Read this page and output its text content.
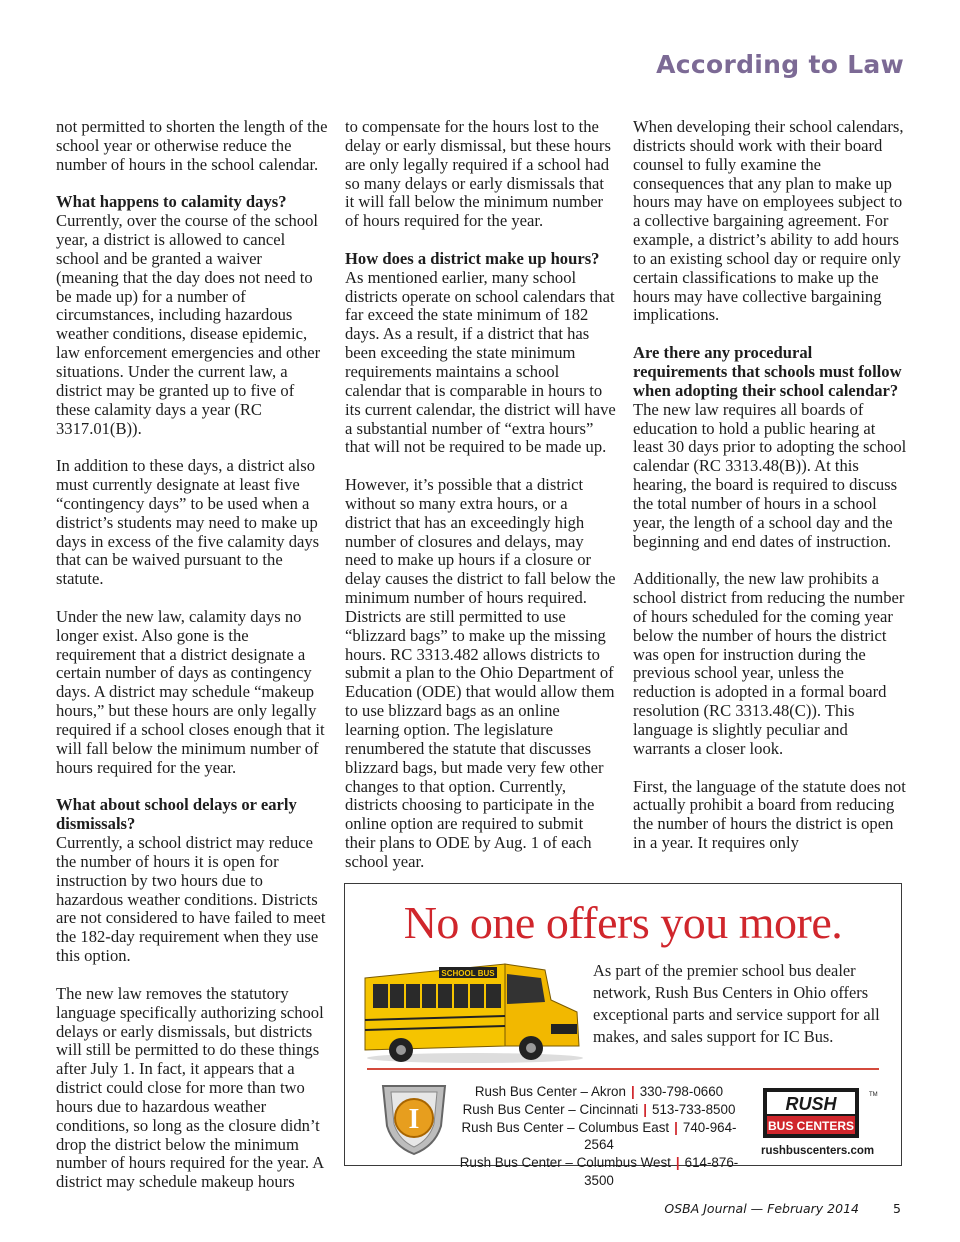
According to Law

not permitted to shorten the length of the school year or otherwise reduce the number of hours in the school calendar.

What happens to calamity days?

Currently, over the course of the school year, a district is allowed to cancel school and be granted a waiver (meaning that the day does not need to be made up) for a number of circumstances, including hazardous weather conditions, disease epidemic, law enforcement emergencies and other situations. Under the current law, a district may be granted up to five of these calamity days a year (RC 3317.01(B)).

In addition to these days, a district also must currently designate at least five “contingency days” to be used when a district’s students may need to make up days in excess of the five calamity days that can be waived pursuant to the statute.

Under the new law, calamity days no longer exist. Also gone is the requirement that a district designate a certain number of days as contingency days. A district may schedule “makeup hours,” but these hours are only legally required if a school closes enough that it will fall below the minimum number of hours required for the year.

What about school delays or early dismissals?

Currently, a school district may reduce the number of hours it is open for instruction by two hours due to hazardous weather conditions. Districts are not considered to have failed to meet the 182-day requirement when they use this option.

The new law removes the statutory language specifically authorizing school delays or early dismissals, but districts will still be permitted to do these things after July 1. In fact, it appears that a district could close for more than two hours due to hazardous weather conditions, so long as the closure didn’t drop the district below the minimum number of hours required for the year. A district may schedule makeup hours

to compensate for the hours lost to the delay or early dismissal, but these hours are only legally required if a school had so many delays or early dismissals that it will fall below the minimum number of hours required for the year.

How does a district make up hours?

As mentioned earlier, many school districts operate on school calendars that far exceed the state minimum of 182 days. As a result, if a district that has been exceeding the state minimum requirements maintains a school calendar that is comparable in hours to its current calendar, the district will have a substantial number of “extra hours” that will not be required to be made up.

However, it’s possible that a district without so many extra hours, or a district that has an exceedingly high number of closures and delays, may need to make up hours if a closure or delay causes the district to fall below the minimum number of hours required. Districts are still permitted to use “blizzard bags” to make up the missing hours. RC 3313.482 allows districts to submit a plan to the Ohio Department of Education (ODE) that would allow them to use blizzard bags as an online learning option. The legislature renumbered the statute that discusses blizzard bags, but made very few other changes to that option. Currently, districts choosing to participate in the online option are required to submit their plans to ODE by Aug. 1 of each school year.

When developing their school calendars, districts should work with their board counsel to fully examine the consequences that any plan to make up hours may have on employees subject to a collective bargaining agreement. For example, a district’s ability to add hours to an existing school day or require only certain classifications to make up the hours may have collective bargaining implications.

Are there any procedural requirements that schools must follow when adopting their school calendar?

The new law requires all boards of education to hold a public hearing at least 30 days prior to adopting the school calendar (RC 3313.48(B)). At this hearing, the board is required to discuss the total number of hours in a school year, the length of a school day and the beginning and end dates of instruction.

Additionally, the new law prohibits a school district from reducing the number of hours scheduled for the coming year below the number of hours the district was open for instruction during the previous school year, unless the reduction is adopted in a formal board resolution (RC 3313.48(C)). This language is slightly peculiar and warrants a closer look.

First, the language of the statute does not actually prohibit a board from reducing the number of hours the district is open in a year. It requires only

No one offers you more.
SCHOOL BUS	As part of the premier school bus dealer network, Rush Bus Centers in Ohio offers exceptional parts and service support for all makes, and sales support for IC Bus.
I
Rush Bus Center – Akron | 330-798-0660
Rush Bus Center – Cincinnati | 513-733-8500
Rush Bus Center – Columbus East | 740-964-2564
Rush Bus Center – Columbus West | 614-876-3500
RUSH
BUS CENTERS
TM
rushbuscenters.com
OSBA Journal — February 2014	5
